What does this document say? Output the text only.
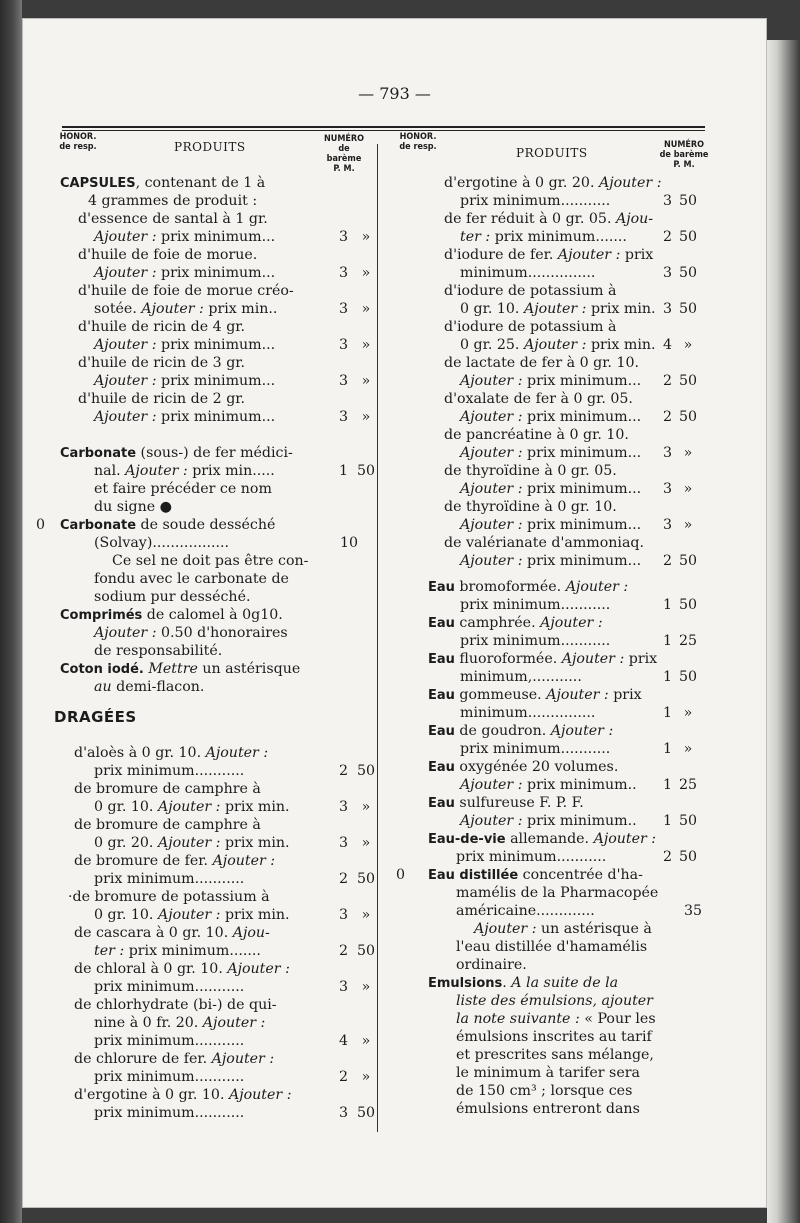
— 793 —
HONOR.
de resp.	PRODUITS
NUMÉRO
de barème
P. M.
HONOR.
de resp.	PRODUITS
NUMÉRO
de barème
P. M.
CAPSULES, contenant de 1 à
4 grammes de produit :
d'essence de santal à 1 gr.
Ajouter : prix minimum...	3 »
d'huile de foie de morue.
Ajouter : prix minimum...	3 »
d'huile de foie de morue créo-
sotée. Ajouter : prix min..	3 »
d'huile de ricin de 4 gr.
Ajouter : prix minimum...	3 »
d'huile de ricin de 3 gr.
Ajouter : prix minimum...	3 »
d'huile de ricin de 2 gr.
Ajouter : prix minimum...	3 »
Carbonate (sous-) de fer médici-
nal. Ajouter : prix min.....	1 50
et faire précéder ce nom
du signe ●
0 Carbonate de soude desséché
(Solvay).................	10
Ce sel ne doit pas être con-
fondu avec le carbonate de
sodium pur desséché.
Comprimés de calomel à 0g10.
Ajouter : 0.50 d'honoraires
de responsabilité.
Coton iodé. Mettre un astérisque
au demi-flacon.
DRAGÉES
d'aloès à 0 gr. 10. Ajouter :
prix minimum...........	2 50
de bromure de camphre à
0 gr. 10. Ajouter : prix min.	3 »
de bromure de camphre à
0 gr. 20. Ajouter : prix min.	3 »
de bromure de fer. Ajouter :
prix minimum...........	2 50
·de bromure de potassium à
0 gr. 10. Ajouter : prix min.	3 »
de cascara à 0 gr. 10. Ajou-
ter : prix minimum.......	2 50
de chloral à 0 gr. 10. Ajouter :
prix minimum...........	3 »
de chlorhydrate (bi-) de qui-
nine à 0 fr. 20. Ajouter :
prix minimum...........	4 »
de chlorure de fer. Ajouter :
prix minimum...........	2 »
d'ergotine à 0 gr. 10. Ajouter :
prix minimum...........	3 50
d'ergotine à 0 gr. 20. Ajouter :
prix minimum...........	3 50
de fer réduit à 0 gr. 05. Ajou-
ter : prix minimum.......	2 50
d'iodure de fer. Ajouter : prix
minimum...............	3 50
d'iodure de potassium à
0 gr. 10. Ajouter : prix min. 3 50
d'iodure de potassium à
0 gr. 25. Ajouter : prix min. 4 »
de lactate de fer à 0 gr. 10.
Ajouter : prix minimum...	2 50
d'oxalate de fer à 0 gr. 05.
Ajouter : prix minimum...	2 50
de pancréatine à 0 gr. 10.
Ajouter : prix minimum...	3 »
de thyroïdine à 0 gr. 05.
Ajouter : prix minimum...	3 »
de thyroïdine à 0 gr. 10.
Ajouter : prix minimum...	3 »
de valérianate d'ammoniaq.
Ajouter : prix minimum...	2 50
Eau bromoformée. Ajouter :
prix minimum...........	1 50
Eau camphrée. Ajouter :
prix minimum...........	1 25
Eau fluoroformée. Ajouter : prix
minimum,...........	1 50
Eau gommeuse. Ajouter : prix
minimum...............	1 »
Eau de goudron. Ajouter :
prix minimum...........	1 »
Eau oxygénée 20 volumes.
Ajouter : prix minimum..	1 25
Eau sulfureuse F. P. F.
Ajouter : prix minimum..	1 50
Eau-de-vie allemande. Ajouter :
prix minimum...........	2 50
0 Eau distillée concentrée d'ha-
mamélis de la Pharmacopée
américaine.............	35
Ajouter : un astérisque à
l'eau distillée d'hamamélis
ordinaire.
Emulsions. A la suite de la
liste des émulsions, ajouter
la note suivante : « Pour les
émulsions inscrites au tarif
et prescrites sans mélange,
le minimum à tarifer sera
de 150 cm³ ; lorsque ces
émulsions entreront dans
